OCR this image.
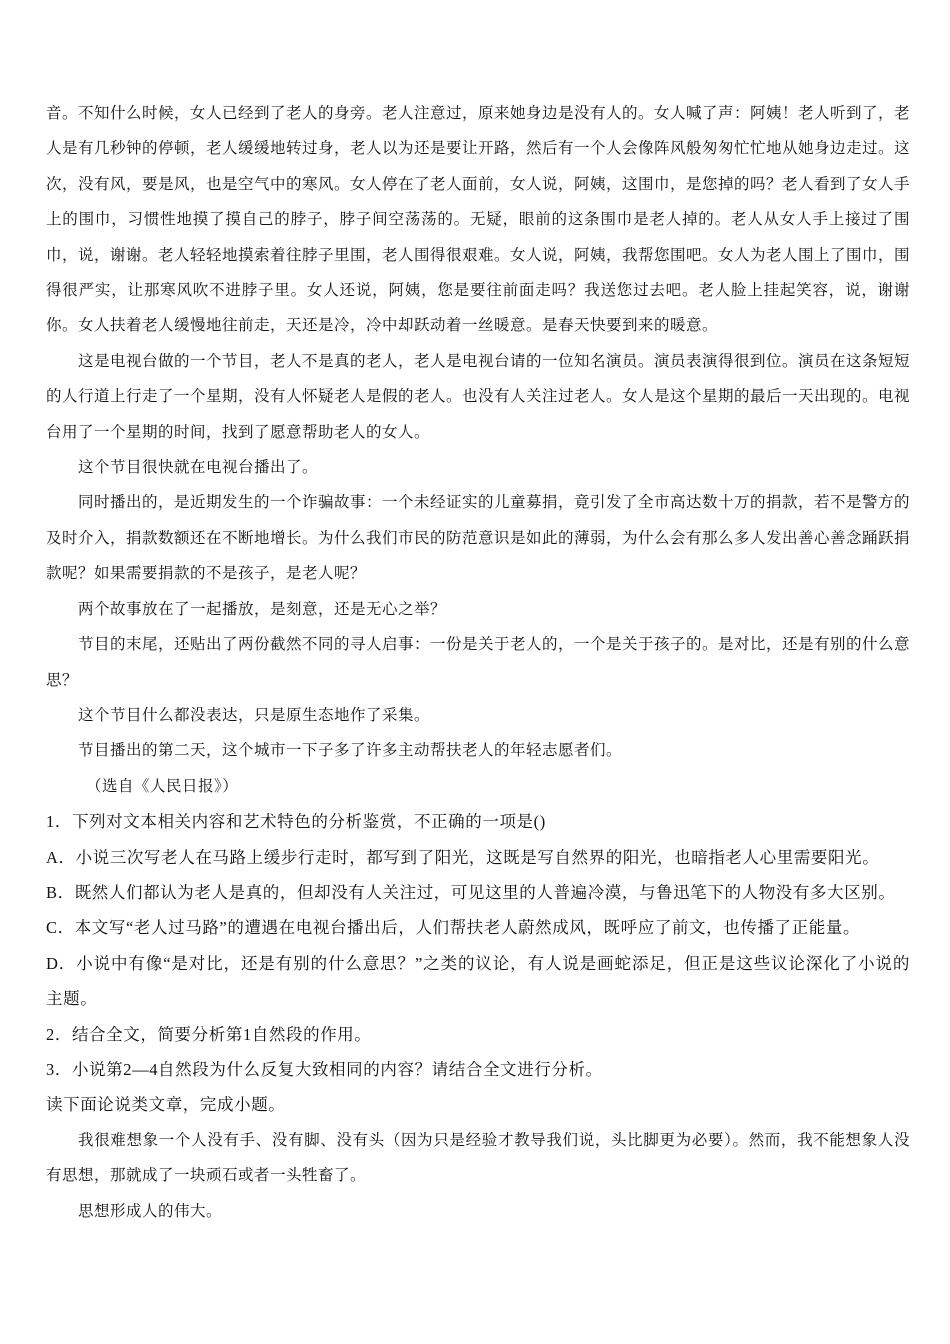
音。不知什么时候，女人已经到了老人的身旁。老人注意过，原来她身边是没有人的。女人喊了声：阿姨！老人听到了，老人是有几秒钟的停顿，老人缓缓地转过身，老人以为还是要让开路，然后有一个人会像阵风般匆匆忙忙地从她身边走过。这次，没有风，要是风，也是空气中的寒风。女人停在了老人面前，女人说，阿姨，这围巾，是您掉的吗？老人看到了女人手上的围巾，习惯性地摸了摸自己的脖子，脖子间空荡荡的。无疑，眼前的这条围巾是老人掉的。老人从女人手上接过了围巾，说，谢谢。老人轻轻地摸索着往脖子里围，老人围得很艰难。女人说，阿姨，我帮您围吧。女人为老人围上了围巾，围得很严实，让那寒风吹不进脖子里。女人还说，阿姨，您是要往前面走吗？我送您过去吧。老人脸上挂起笑容，说，谢谢你。女人扶着老人缓慢地往前走，天还是冷，冷中却跃动着一丝暖意。是春天快要到来的暖意。

这是电视台做的一个节目，老人不是真的老人，老人是电视台请的一位知名演员。演员表演得很到位。演员在这条短短的人行道上行走了一个星期，没有人怀疑老人是假的老人。也没有人关注过老人。女人是这个星期的最后一天出现的。电视台用了一个星期的时间，找到了愿意帮助老人的女人。

这个节目很快就在电视台播出了。

同时播出的，是近期发生的一个诈骗故事：一个未经证实的儿童募捐，竟引发了全市高达数十万的捐款，若不是警方的及时介入，捐款数额还在不断地增长。为什么我们市民的防范意识是如此的薄弱，为什么会有那么多人发出善心善念踊跃捐款呢？如果需要捐款的不是孩子，是老人呢？

两个故事放在了一起播放，是刻意，还是无心之举？

节目的末尾，还贴出了两份截然不同的寻人启事：一份是关于老人的，一个是关于孩子的。是对比，还是有别的什么意思？

这个节目什么都没表达，只是原生态地作了采集。

节目播出的第二天，这个城市一下子多了许多主动帮扶老人的年轻志愿者们。

（选自《人民日报》）

1．下列对文本相关内容和艺术特色的分析鉴赏，不正确的一项是()

A．小说三次写老人在马路上缓步行走时，都写到了阳光，这既是写自然界的阳光，也暗指老人心里需要阳光。

B．既然人们都认为老人是真的，但却没有人关注过，可见这里的人普遍冷漠，与鲁迅笔下的人物没有多大区别。

C．本文写“老人过马路”的遭遇在电视台播出后，人们帮扶老人蔚然成风，既呼应了前文，也传播了正能量。

D．小说中有像“是对比，还是有别的什么意思？”之类的议论，有人说是画蛇添足，但正是这些议论深化了小说的主题。

2．结合全文，简要分析第1自然段的作用。

3．小说第2—4自然段为什么反复大致相同的内容？请结合全文进行分析。

读下面论说类文章，完成小题。

我很难想象一个人没有手、没有脚、没有头（因为只是经验才教导我们说，头比脚更为必要）。然而，我不能想象人没有思想，那就成了一块顽石或者一头牲畜了。

思想形成人的伟大。
